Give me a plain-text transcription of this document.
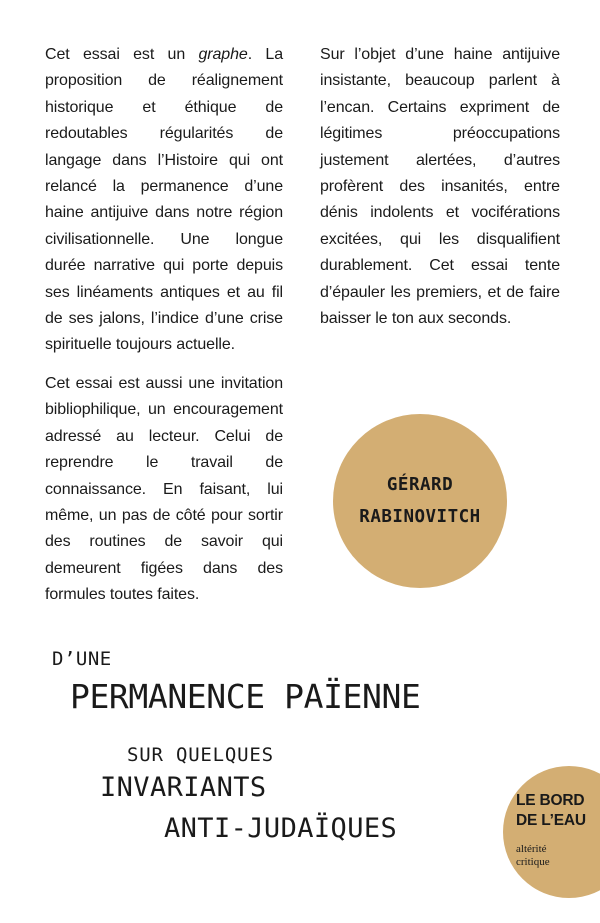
Cet essai est un graphe. La proposition de réalignement historique et éthique de redoutables régularités de langage dans l’Histoire qui ont relancé la permanence d’une haine antijuive dans notre région civilisationnelle. Une longue durée narrative qui porte depuis ses linéaments antiques et au fil de ses jalons, l’indice d’une crise spirituelle toujours actuelle.

Cet essai est aussi une invitation bibliophilique, un encouragement adressé au lecteur. Celui de reprendre le travail de connaissance. En faisant, lui même, un pas de côté pour sortir des routines de savoir qui demeurent figées dans des formules toutes faites.

Sur l’objet d’une haine antijuive insistante, beaucoup parlent à l’encan. Certains expriment de légitimes préoccupations justement alertées, d’autres profèrent des insanités, entre dénis indolents et vociférations excitées, qui les disqualifient durablement. Cet essai tente d’épauler les premiers, et de faire baisser le ton aux seconds.

GÉRARD
RABINOVITCH
D’UNE
PERMANENCE PAÏENNE
SUR QUELQUES
INVARIANTS
ANTI-JUDAÏQUES
LE BORD
DE L’EAU
altérité
critique
